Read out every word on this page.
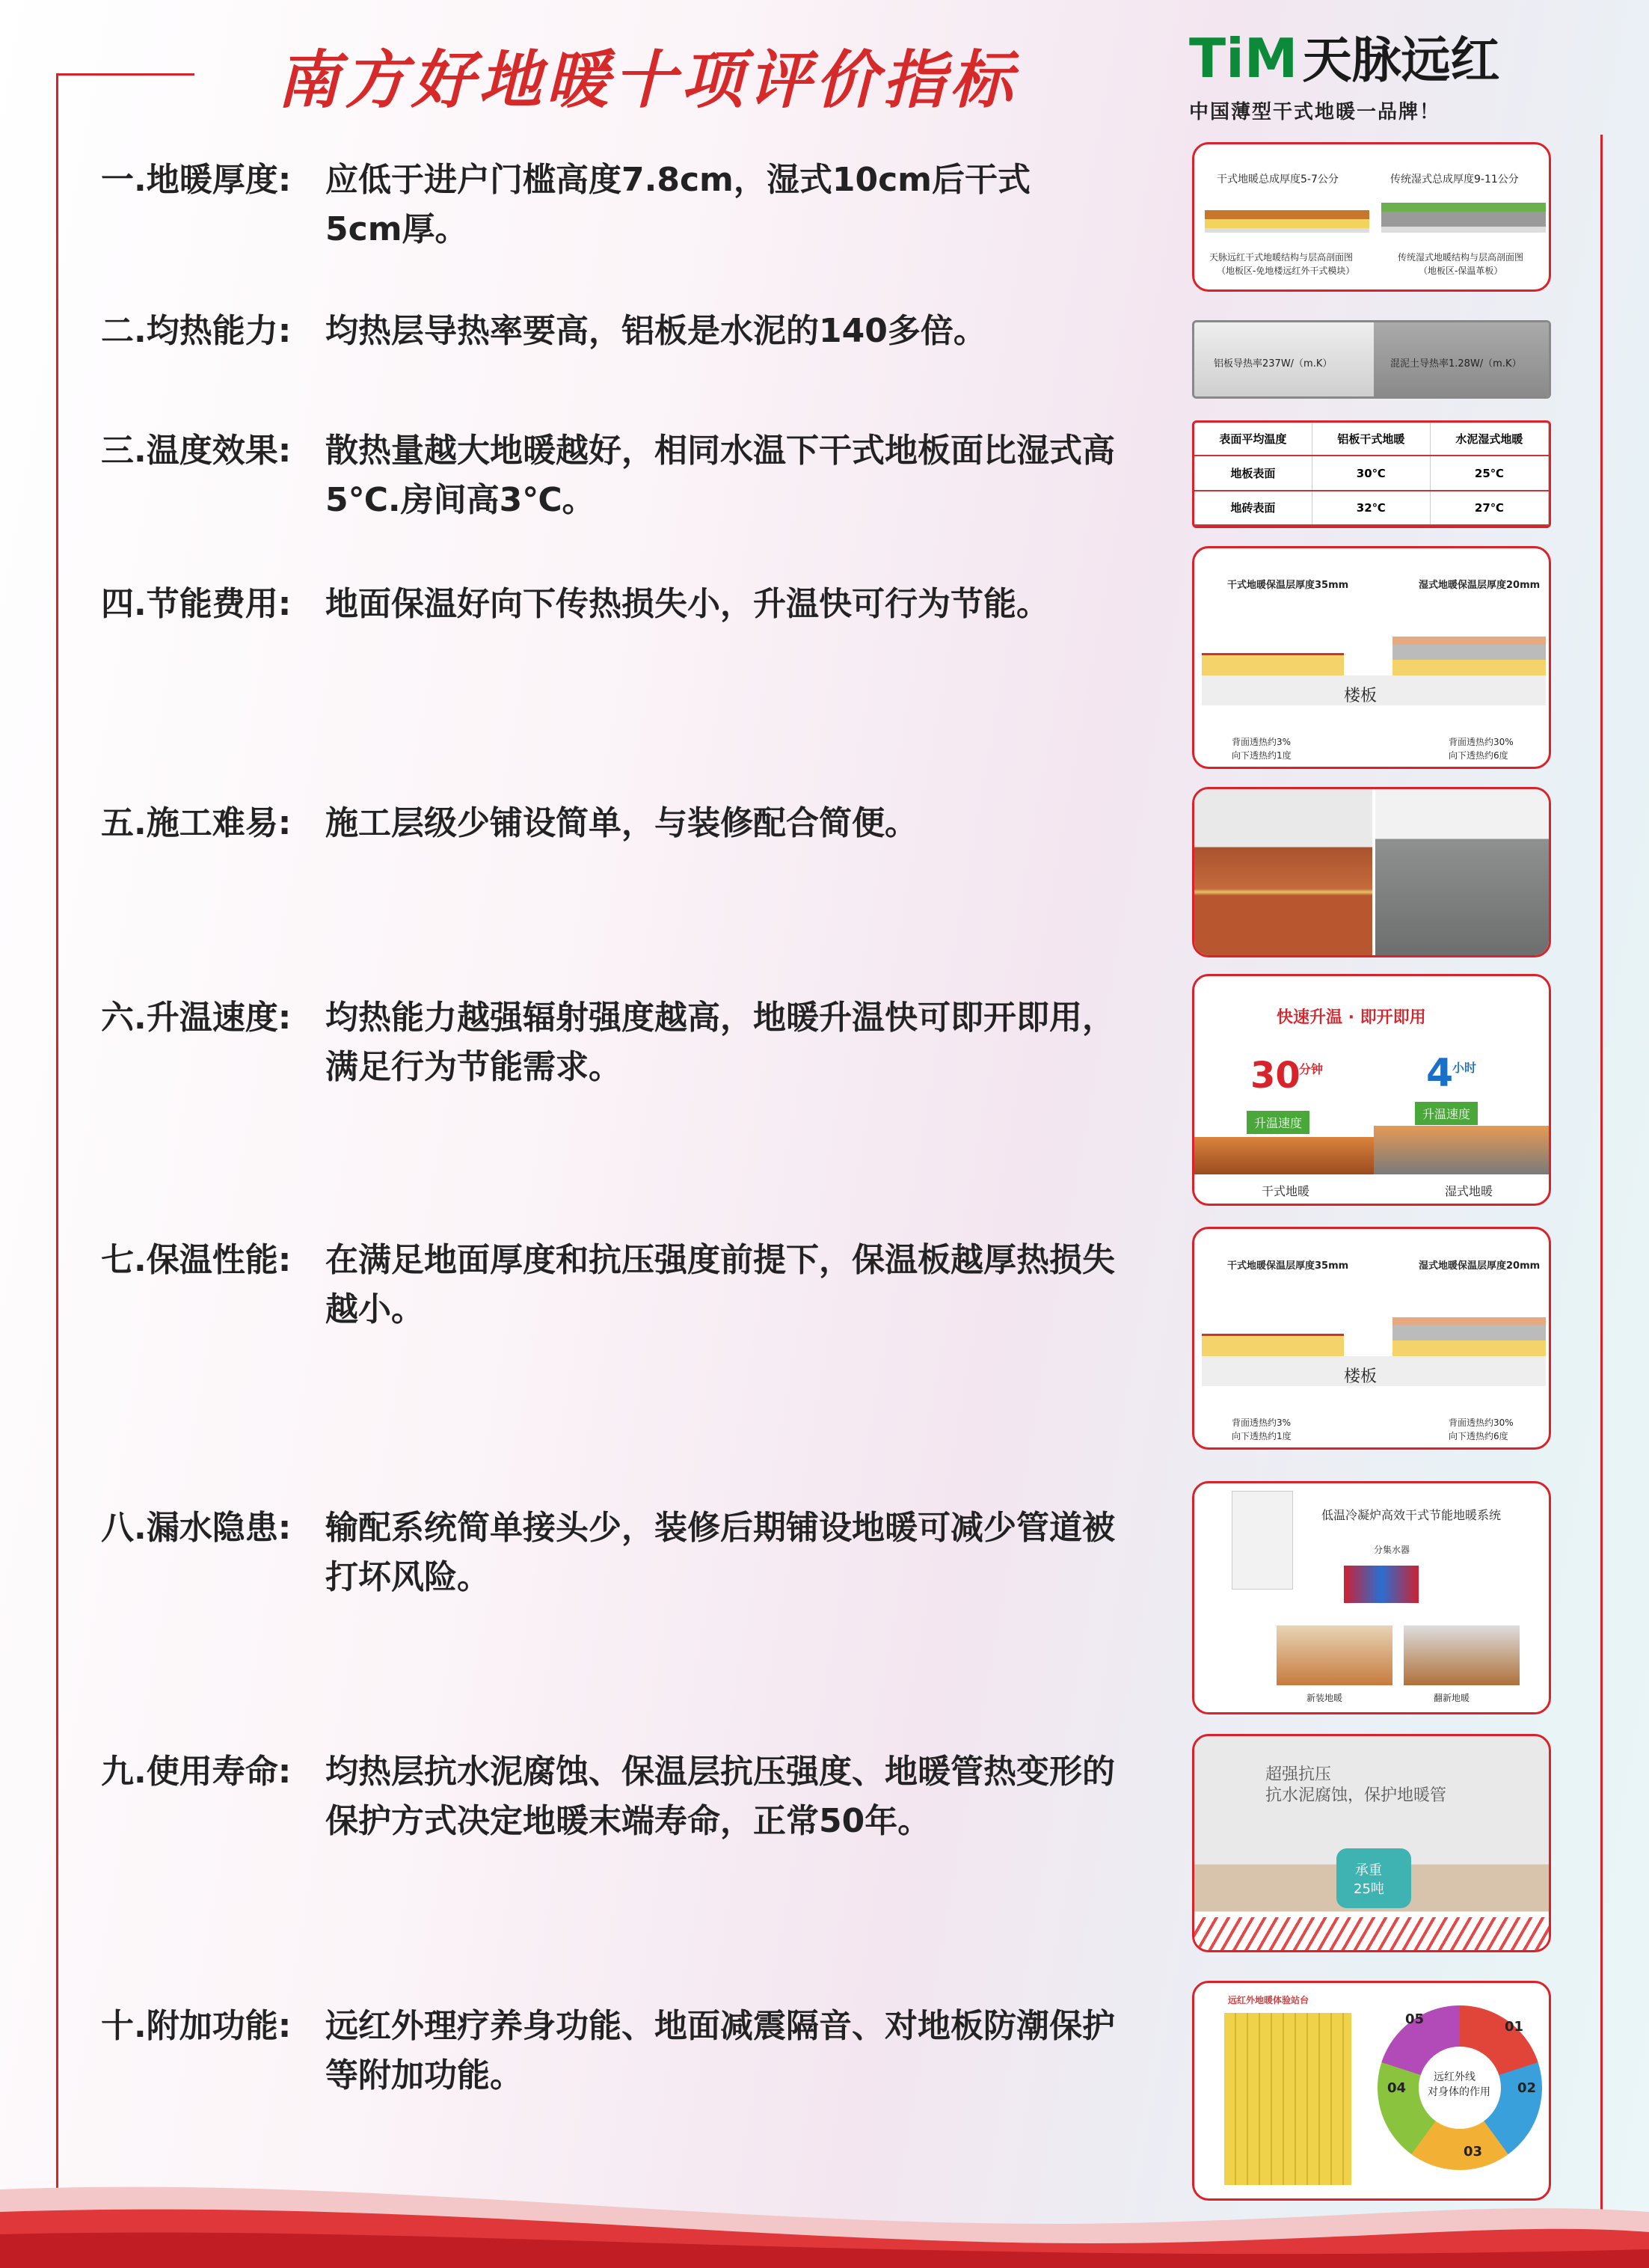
南方好地暖十项评价指标	TiM天脉远红
中国薄型干式地暖一品牌！
一.地暖厚度: 应低于进户门槛高度7.8cm，湿式10cm后干式5cm厚。
二.均热能力: 均热层导热率要高，铝板是水泥的140多倍。
三.温度效果: 散热量越大地暖越好，相同水温下干式地板面比湿式高5℃.房间高3℃。
四.节能费用: 地面保温好向下传热损失小，升温快可行为节能。
五.施工难易: 施工层级少铺设简单，与装修配合简便。
六.升温速度: 均热能力越强辐射强度越高，地暖升温快可即开即用，满足行为节能需求。
七.保温性能: 在满足地面厚度和抗压强度前提下，保温板越厚热损失越小。
八.漏水隐患: 输配系统简单接头少，装修后期铺设地暖可减少管道被打坏风险。
九.使用寿命: 均热层抗水泥腐蚀、保温层抗压强度、地暖管热变形的保护方式决定地暖末端寿命，正常50年。
十.附加功能: 远红外理疗养身功能、地面减震隔音、对地板防潮保护等附加功能。
干式地暖总成厚度5-7公分	传统湿式总成厚度9-11公分
天脉远红干式地暖结构与层高剖面图
（地板区-免地楼远红外干式模块）
传统湿式地暖结构与层高剖面图
（地板区-保温革板）
铝板导热率237W/（m.K）	混泥土导热率1.28W/（m.K）
表面平均温度	铝板干式地暖	水泥湿式地暖
地板表面	30℃	25℃
地砖表面	32℃	27℃
干式地暖保温层厚度35mm	湿式地暖保温层厚度20mm
楼板
背面透热约3%
向下透热约1度
背面透热约30%
向下透热约6度
快速升温 · 即开即用
30
分钟	4
小时
升温速度
升温速度
干式地暖	湿式地暖
干式地暖保温层厚度35mm	湿式地暖保温层厚度20mm
楼板
背面透热约3%
向下透热约1度
背面透热约30%
向下透热约6度
低温冷凝炉高效干式节能地暖系统
分集水器
新装地暖	翻新地暖
超强抗压
抗水泥腐蚀，保护地暖管
承重
25吨
远红外地暖体验站台
远红外线
对身体的作用
05	01
02
03
04
